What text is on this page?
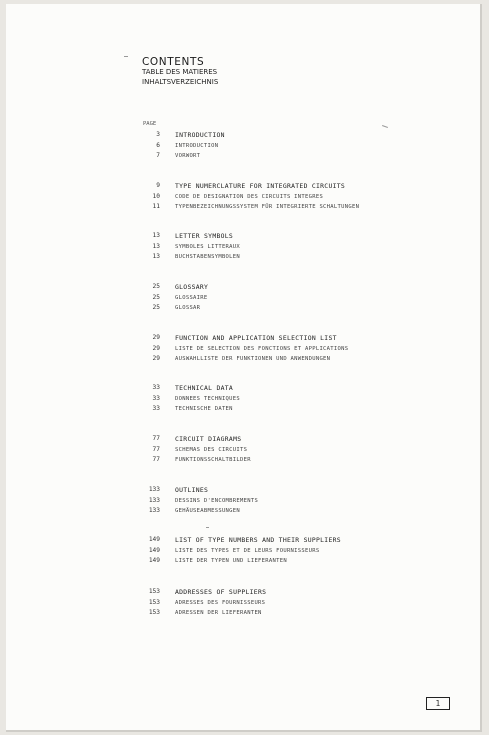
CONTENTS

TABLE DES MATIERES

INHALTSVERZEICHNIS

PAGE
3 INTRODUCTION
6	INTRODUCTION
7	VORWORT
9 TYPE NUMERCLATURE FOR INTEGRATED CIRCUITS
10	CODE DE DESIGNATION DES CIRCUITS INTEGRES
11	TYPENBEZEICHNUNGSSYSTEM FÜR INTEGRIERTE SCHALTUNGEN
13 LETTER SYMBOLS
13	SYMBOLES LITTERAUX
13	BUCHSTABENSYMBOLEN
25 GLOSSARY
25	GLOSSAIRE
25	GLOSSAR
29 FUNCTION AND APPLICATION SELECTION LIST
29	LISTE DE SELECTION DES FONCTIONS ET APPLICATIONS
29	AUSWAHLLISTE DER FUNKTIONEN UND ANWENDUNGEN
33 TECHNICAL DATA
33	DONNEES TECHNIQUES
33	TECHNISCHE DATEN
77 CIRCUIT DIAGRAMS
77	SCHEMAS DES CIRCUITS
77	FUNKTIONSSCHALTBILDER
133 OUTLINES
133	DESSINS D'ENCOMBREMENTS
133	GEHÄUSEABMESSUNGEN
149 LIST OF TYPE NUMBERS AND THEIR SUPPLIERS
149	LISTE DES TYPES ET DE LEURS FOURNISSEURS
149	LISTE DER TYPEN UND LIEFERANTEN
153 ADDRESSES OF SUPPLIERS
153	ADRESSES DES FOURNISSEURS
153	ADRESSEN DER LIEFERANTEN
1
